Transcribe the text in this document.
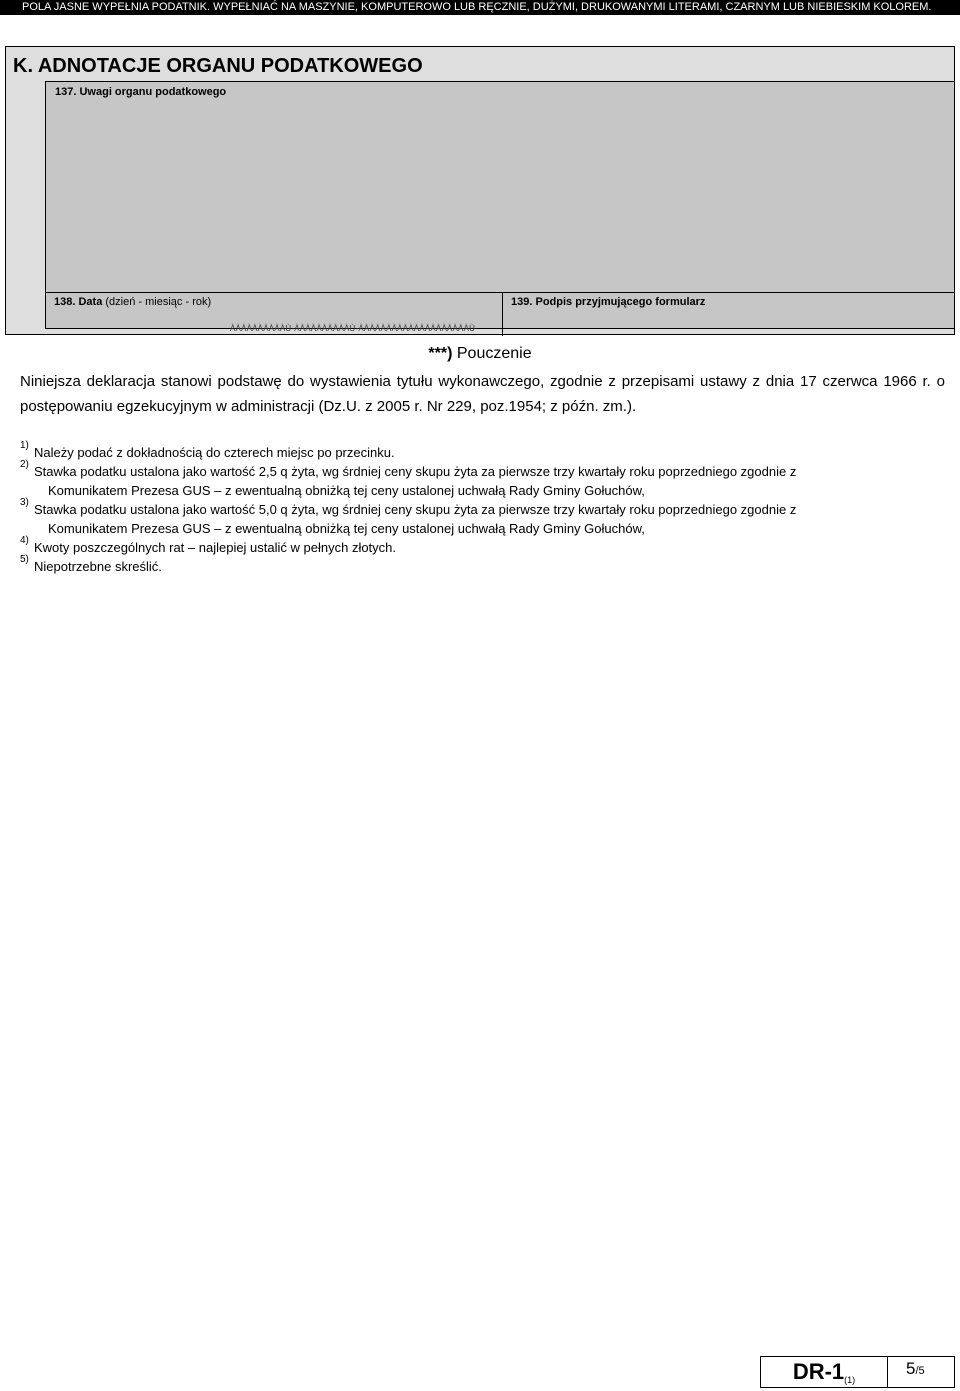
POLA JASNE WYPEŁNIA PODATNIK. WYPEŁNIAĆ NA MASZYNIE, KOMPUTEROWO LUB RĘCZNIE, DUŻYMI, DRUKOWANYMI LITERAMI, CZARNYM LUB NIEBIESKIM KOLOREM.
K. ADNOTACJE ORGANU PODATKOWEGO
137. Uwagi organu podatkowego
138. Data (dzień - miesiąc - rok)
ÀÀÀÀÀÀÀÀÀÀÙ-ÀÀÀÀÀÀÀÀÀÀÙ-ÀÀÀÀÀÀÀÀÀÀÀÀÀÀÀÀÀÀÀÀÙ
139. Podpis przyjmującego formularz
***) Pouczenie
Niniejsza deklaracja stanowi podstawę do wystawienia tytułu wykonawczego, zgodnie z przepisami ustawy z dnia 17 czerwca 1966 r. o postępowaniu egzekucyjnym w administracji (Dz.U. z 2005 r. Nr 229, poz.1954; z późn. zm.).
1) Należy podać z dokładnością do czterech miejsc po przecinku.
2) Stawka podatku ustalona jako wartość 2,5 q żyta, wg śrdniej ceny skupu żyta za pierwsze trzy kwartały roku poprzedniego zgodnie z
Komunikatem Prezesa GUS – z ewentualną obniżką tej ceny ustalonej uchwałą Rady Gminy Gołuchów,
3) Stawka podatku ustalona jako wartość 5,0 q żyta, wg śrdniej ceny skupu żyta za pierwsze trzy kwartały roku poprzedniego zgodnie z
Komunikatem Prezesa GUS – z ewentualną obniżką tej ceny ustalonej uchwałą Rady Gminy Gołuchów,
4) Kwoty poszczególnych rat – najlepiej ustalić w pełnych złotych.
5) Niepotrzebne skreślić.
$DR-1_{(1)}$
5/5
